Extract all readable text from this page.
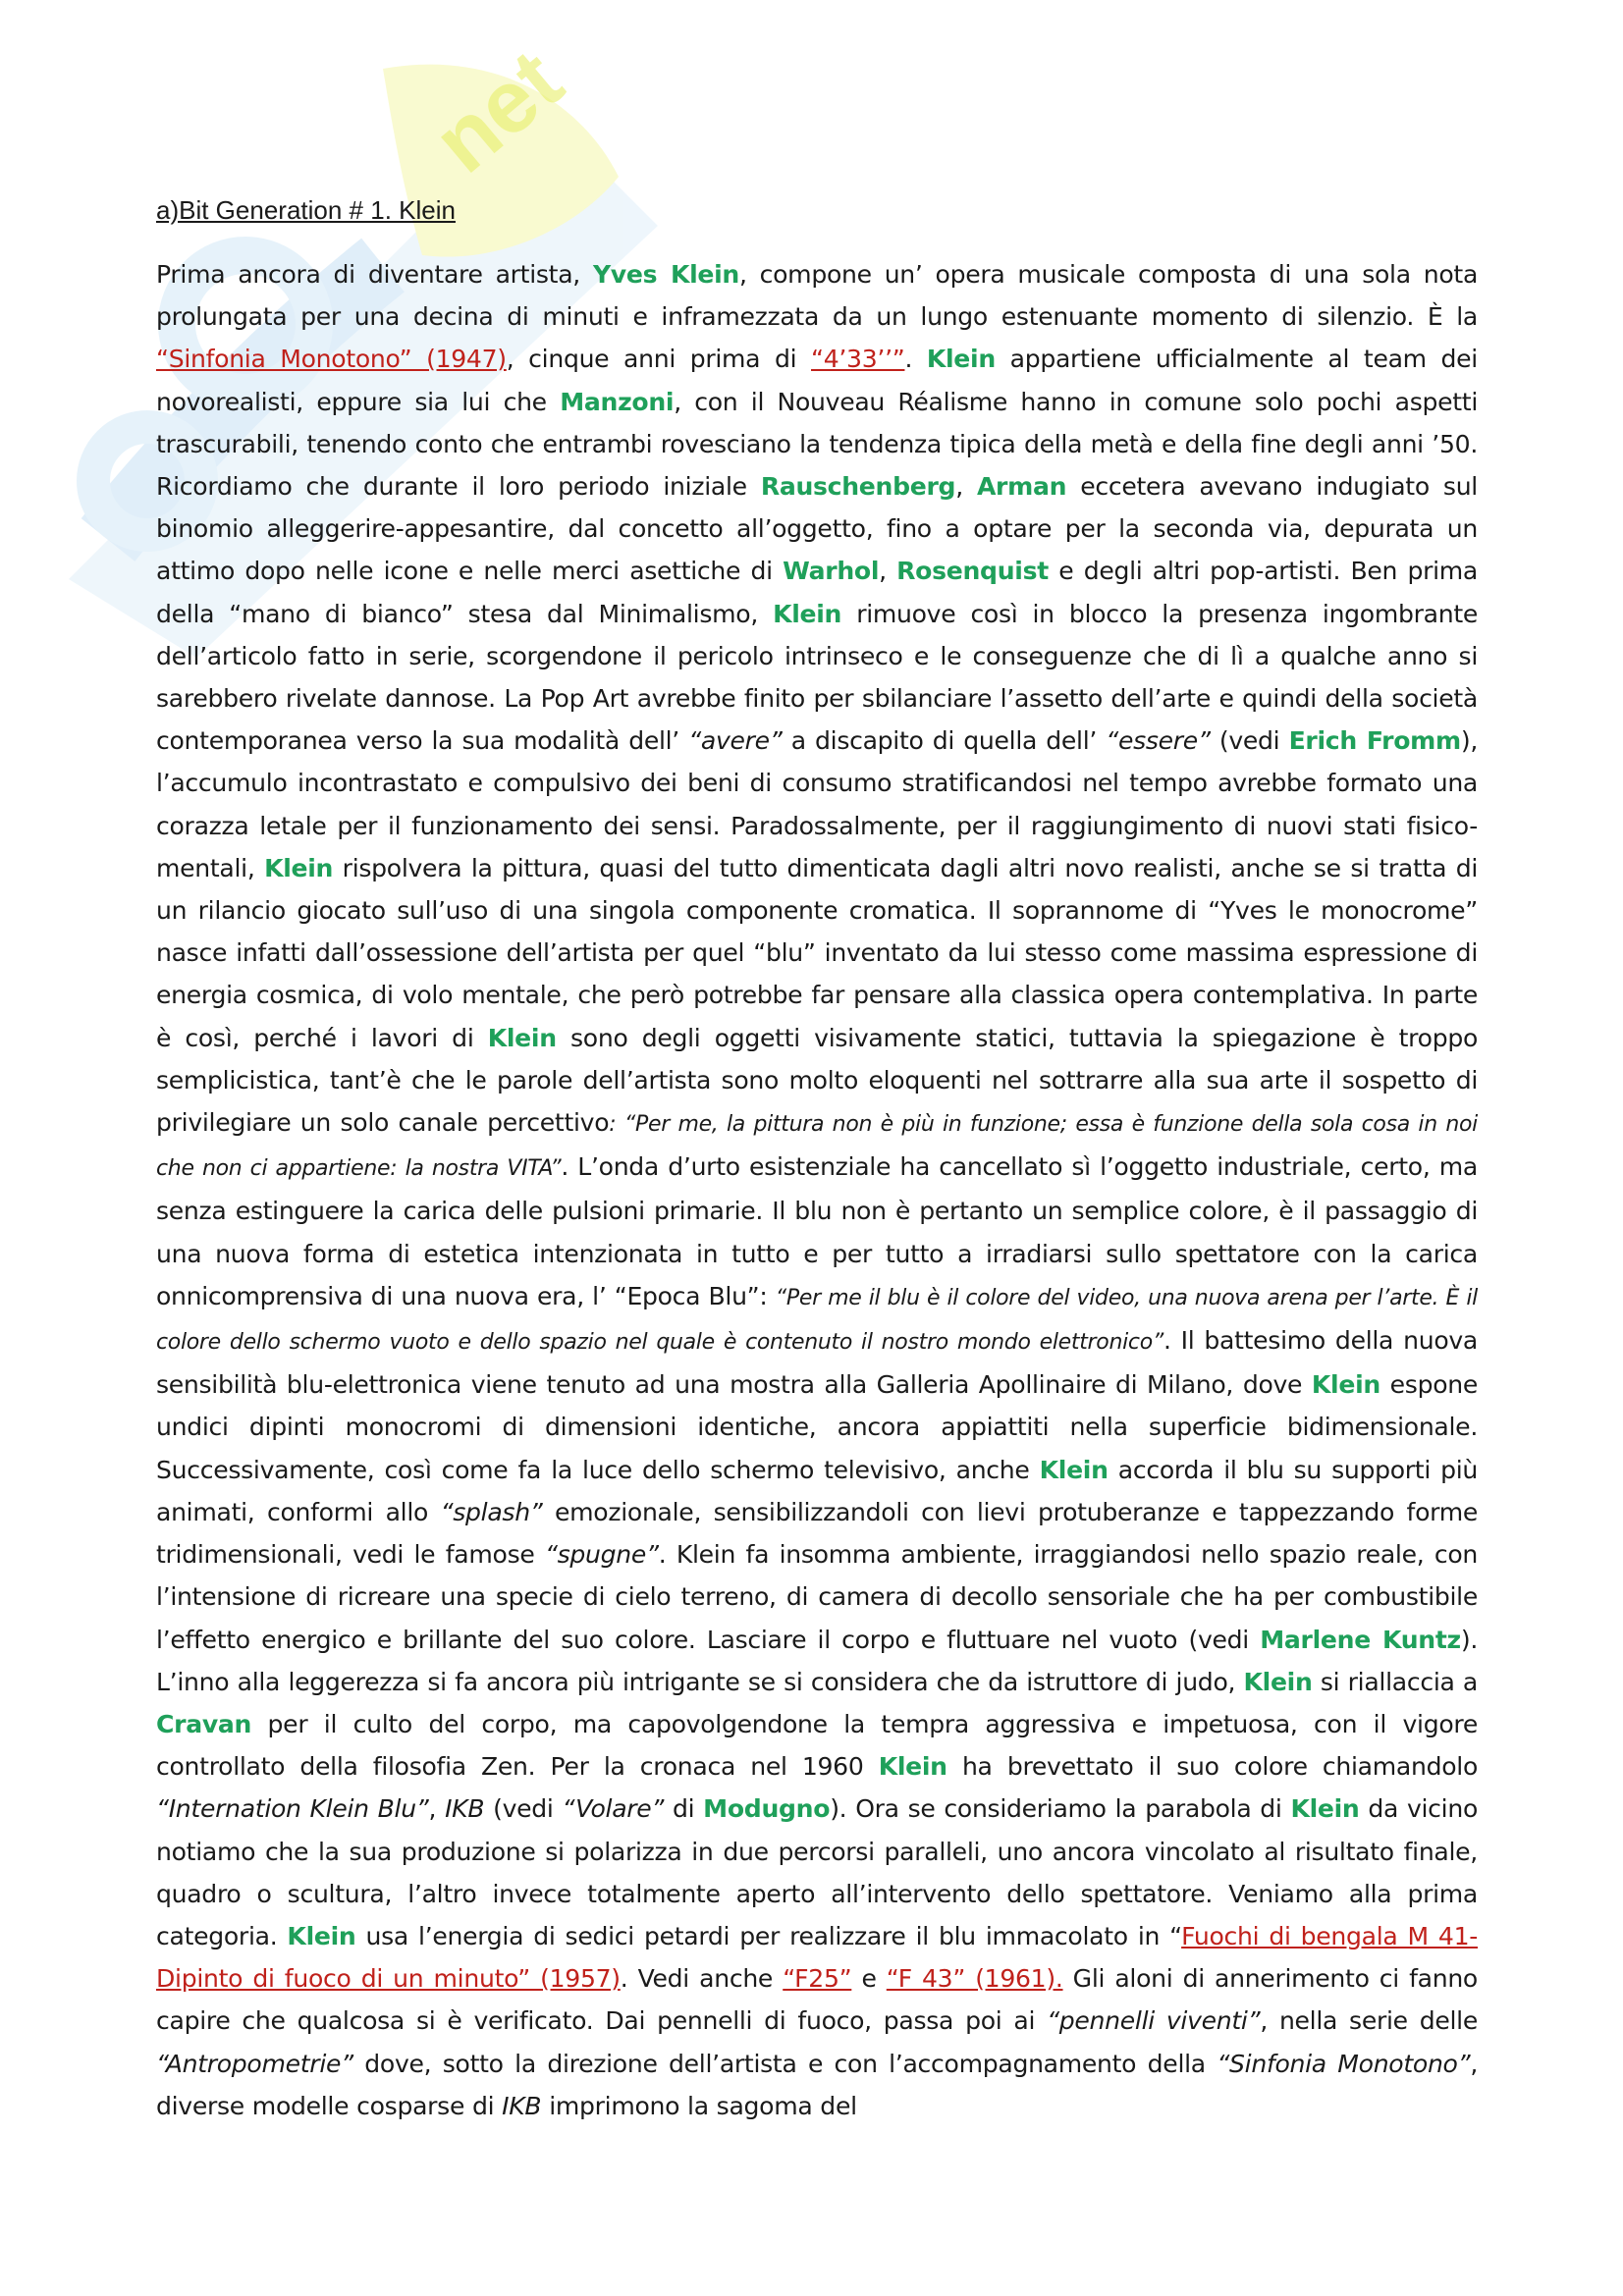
net
a)Bit Generation # 1. Klein

Prima ancora di diventare artista, Yves Klein, compone un’ opera musicale composta di una sola nota prolungata per una decina di minuti e inframezzata da un lungo estenuante momento di silenzio. È la “Sinfonia Monotono” (1947), cinque anni prima di “4’33’’”. Klein appartiene ufficialmente al team dei novorealisti, eppure sia lui che Manzoni, con il Nouveau Réalisme hanno in comune solo pochi aspetti trascurabili, tenendo conto che entrambi rovesciano la tendenza tipica della metà e della fine degli anni ’50. Ricordiamo che durante il loro periodo iniziale Rauschenberg, Arman eccetera avevano indugiato sul binomio alleggerire-appesantire, dal concetto all’oggetto, fino a optare per la seconda via, depurata un attimo dopo nelle icone e nelle merci asettiche di Warhol, Rosenquist e degli altri pop-artisti. Ben prima della “mano di bianco” stesa dal Minimalismo, Klein rimuove così in blocco la presenza ingombrante dell’articolo fatto in serie, scorgendone il pericolo intrinseco e le conseguenze che di lì a qualche anno si sarebbero rivelate dannose. La Pop Art avrebbe finito per sbilanciare l’assetto dell’arte e quindi della società contemporanea verso la sua modalità dell’ “avere” a discapito di quella dell’ “essere” (vedi Erich Fromm), l’accumulo incontrastato e compulsivo dei beni di consumo stratificandosi nel tempo avrebbe formato una corazza letale per il funzionamento dei sensi. Paradossalmente, per il raggiungimento di nuovi stati fisico-mentali, Klein rispolvera la pittura, quasi del tutto dimenticata dagli altri novo realisti, anche se si tratta di un rilancio giocato sull’uso di una singola componente cromatica. Il soprannome di “Yves le monocrome” nasce infatti dall’ossessione dell’artista per quel “blu” inventato da lui stesso come massima espressione di energia cosmica, di volo mentale, che però potrebbe far pensare alla classica opera contemplativa. In parte è così, perché i lavori di Klein sono degli oggetti visivamente statici, tuttavia la spiegazione è troppo semplicistica, tant’è che le parole dell’artista sono molto eloquenti nel sottrarre alla sua arte il sospetto di privilegiare un solo canale percettivo: “Per me, la pittura non è più in funzione; essa è funzione della sola cosa in noi che non ci appartiene: la nostra VITA”. L’onda d’urto esistenziale ha cancellato sì l’oggetto industriale, certo, ma senza estinguere la carica delle pulsioni primarie. Il blu non è pertanto un semplice colore, è il passaggio di una nuova forma di estetica intenzionata in tutto e per tutto a irradiarsi sullo spettatore con la carica onnicomprensiva di una nuova era, l’ “Epoca Blu”: “Per me il blu è il colore del video, una nuova arena per l’arte. È il colore dello schermo vuoto e dello spazio nel quale è contenuto il nostro mondo elettronico”. Il battesimo della nuova sensibilità blu-elettronica viene tenuto ad una mostra alla Galleria Apollinaire di Milano, dove Klein espone undici dipinti monocromi di dimensioni identiche, ancora appiattiti nella superficie bidimensionale. Successivamente, così come fa la luce dello schermo televisivo, anche Klein accorda il blu su supporti più animati, conformi allo “splash” emozionale, sensibilizzandoli con lievi protuberanze e tappezzando forme tridimensionali, vedi le famose “spugne”. Klein fa insomma ambiente, irraggiandosi nello spazio reale, con l’intensione di ricreare una specie di cielo terreno, di camera di decollo sensoriale che ha per combustibile l’effetto energico e brillante del suo colore. Lasciare il corpo e fluttuare nel vuoto (vedi Marlene Kuntz). L’inno alla leggerezza si fa ancora più intrigante se si considera che da istruttore di judo, Klein si riallaccia a Cravan per il culto del corpo, ma capovolgendone la tempra aggressiva e impetuosa, con il vigore controllato della filosofia Zen. Per la cronaca nel 1960 Klein ha brevettato il suo colore chiamandolo “Internation Klein Blu”, IKB (vedi “Volare” di Modugno). Ora se consideriamo la parabola di Klein da vicino notiamo che la sua produzione si polarizza in due percorsi paralleli, uno ancora vincolato al risultato finale, quadro o scultura, l’altro invece totalmente aperto all’intervento dello spettatore. Veniamo alla prima categoria. Klein usa l’energia di sedici petardi per realizzare il blu immacolato in “Fuochi di bengala M 41- Dipinto di fuoco di un minuto” (1957). Vedi anche “F25” e “F 43” (1961). Gli aloni di annerimento ci fanno capire che qualcosa si è verificato. Dai pennelli di fuoco, passa poi ai “pennelli viventi”, nella serie delle “Antropometrie” dove, sotto la direzione dell’artista e con l’accompagnamento della “Sinfonia Monotono”, diverse modelle cosparse di IKB imprimono la sagoma del
